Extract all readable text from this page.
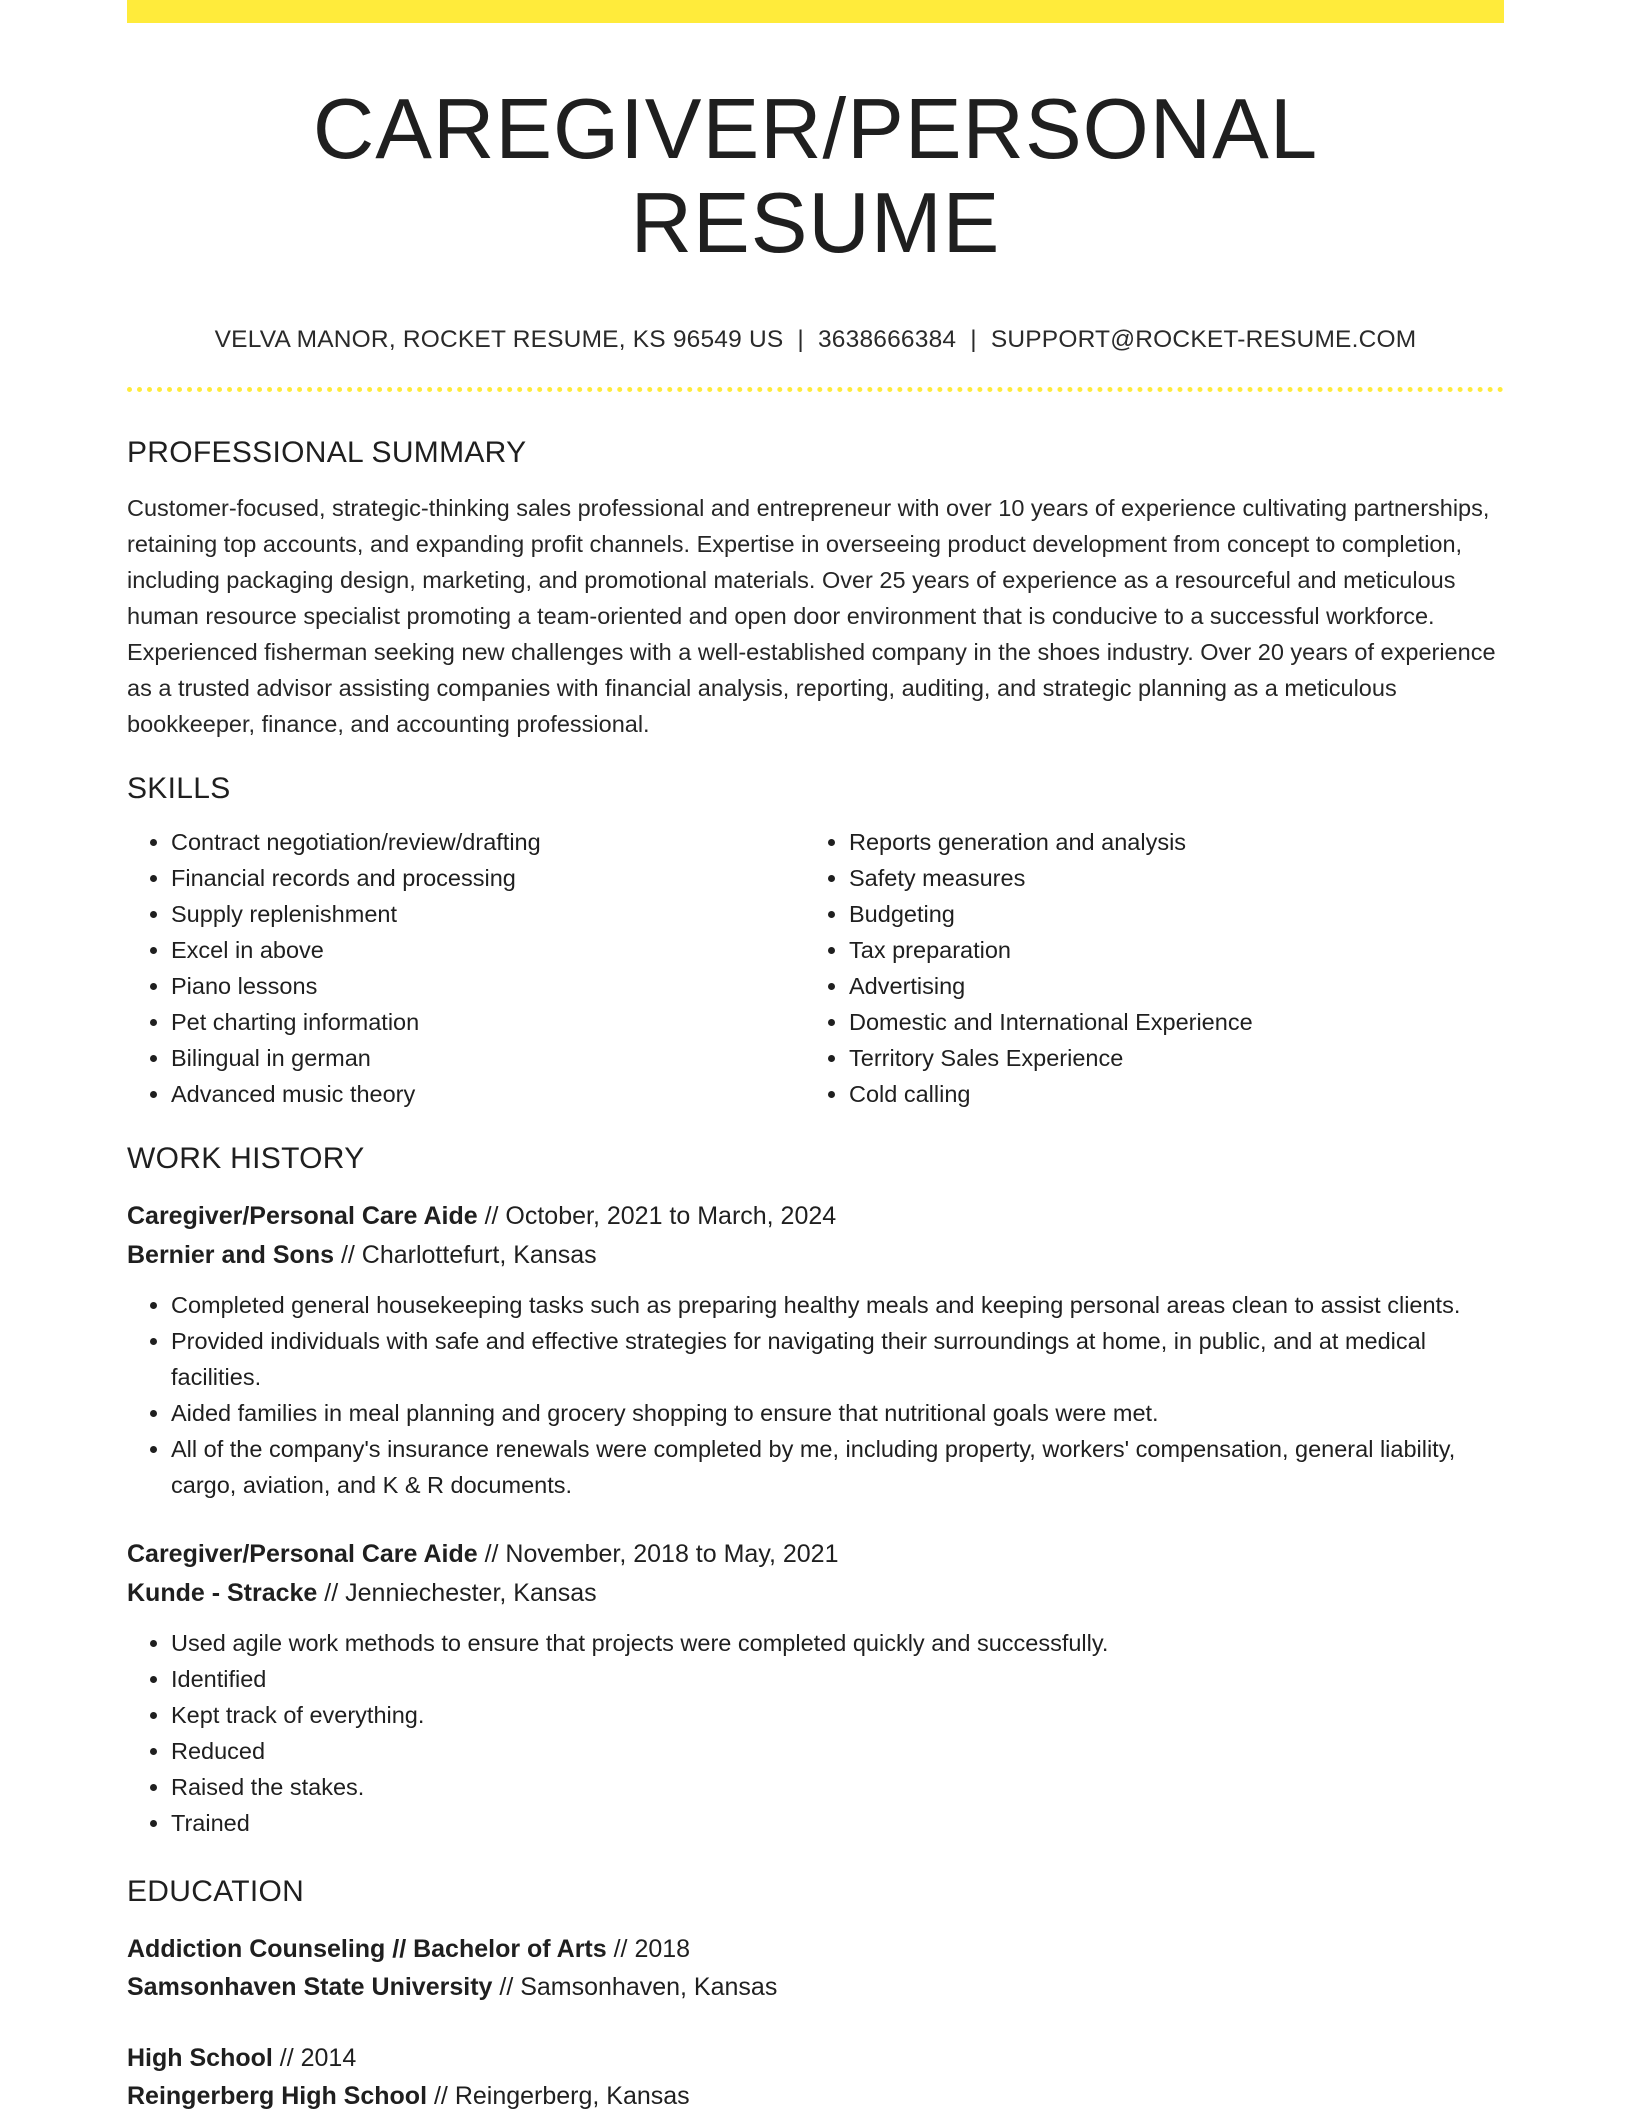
CAREGIVER/PERSONAL RESUME
VELVA MANOR, ROCKET RESUME, KS 96549 US | 3638666384 | SUPPORT@ROCKET-RESUME.COM
PROFESSIONAL SUMMARY
Customer-focused, strategic-thinking sales professional and entrepreneur with over 10 years of experience cultivating partnerships, retaining top accounts, and expanding profit channels. Expertise in overseeing product development from concept to completion, including packaging design, marketing, and promotional materials. Over 25 years of experience as a resourceful and meticulous human resource specialist promoting a team-oriented and open door environment that is conducive to a successful workforce. Experienced fisherman seeking new challenges with a well-established company in the shoes industry. Over 20 years of experience as a trusted advisor assisting companies with financial analysis, reporting, auditing, and strategic planning as a meticulous bookkeeper, finance, and accounting professional.
SKILLS
• Contract negotiation/review/drafting
• Financial records and processing
• Supply replenishment
• Excel in above
• Piano lessons
• Pet charting information
• Bilingual in german
• Advanced music theory
• Reports generation and analysis
• Safety measures
• Budgeting
• Tax preparation
• Advertising
• Domestic and International Experience
• Territory Sales Experience
• Cold calling
WORK HISTORY
Caregiver/Personal Care Aide // October, 2021 to March, 2024
Bernier and Sons // Charlottefurt, Kansas
• Completed general housekeeping tasks such as preparing healthy meals and keeping personal areas clean to assist clients.
• Provided individuals with safe and effective strategies for navigating their surroundings at home, in public, and at medical facilities.
• Aided families in meal planning and grocery shopping to ensure that nutritional goals were met.
• All of the company's insurance renewals were completed by me, including property, workers' compensation, general liability, cargo, aviation, and K & R documents.
Caregiver/Personal Care Aide // November, 2018 to May, 2021
Kunde - Stracke // Jenniechester, Kansas
• Used agile work methods to ensure that projects were completed quickly and successfully.
• Identified
• Kept track of everything.
• Reduced
• Raised the stakes.
• Trained
EDUCATION
Addiction Counseling // Bachelor of Arts // 2018
Samsonhaven State University // Samsonhaven, Kansas
High School // 2014
Reingerberg High School // Reingerberg, Kansas
